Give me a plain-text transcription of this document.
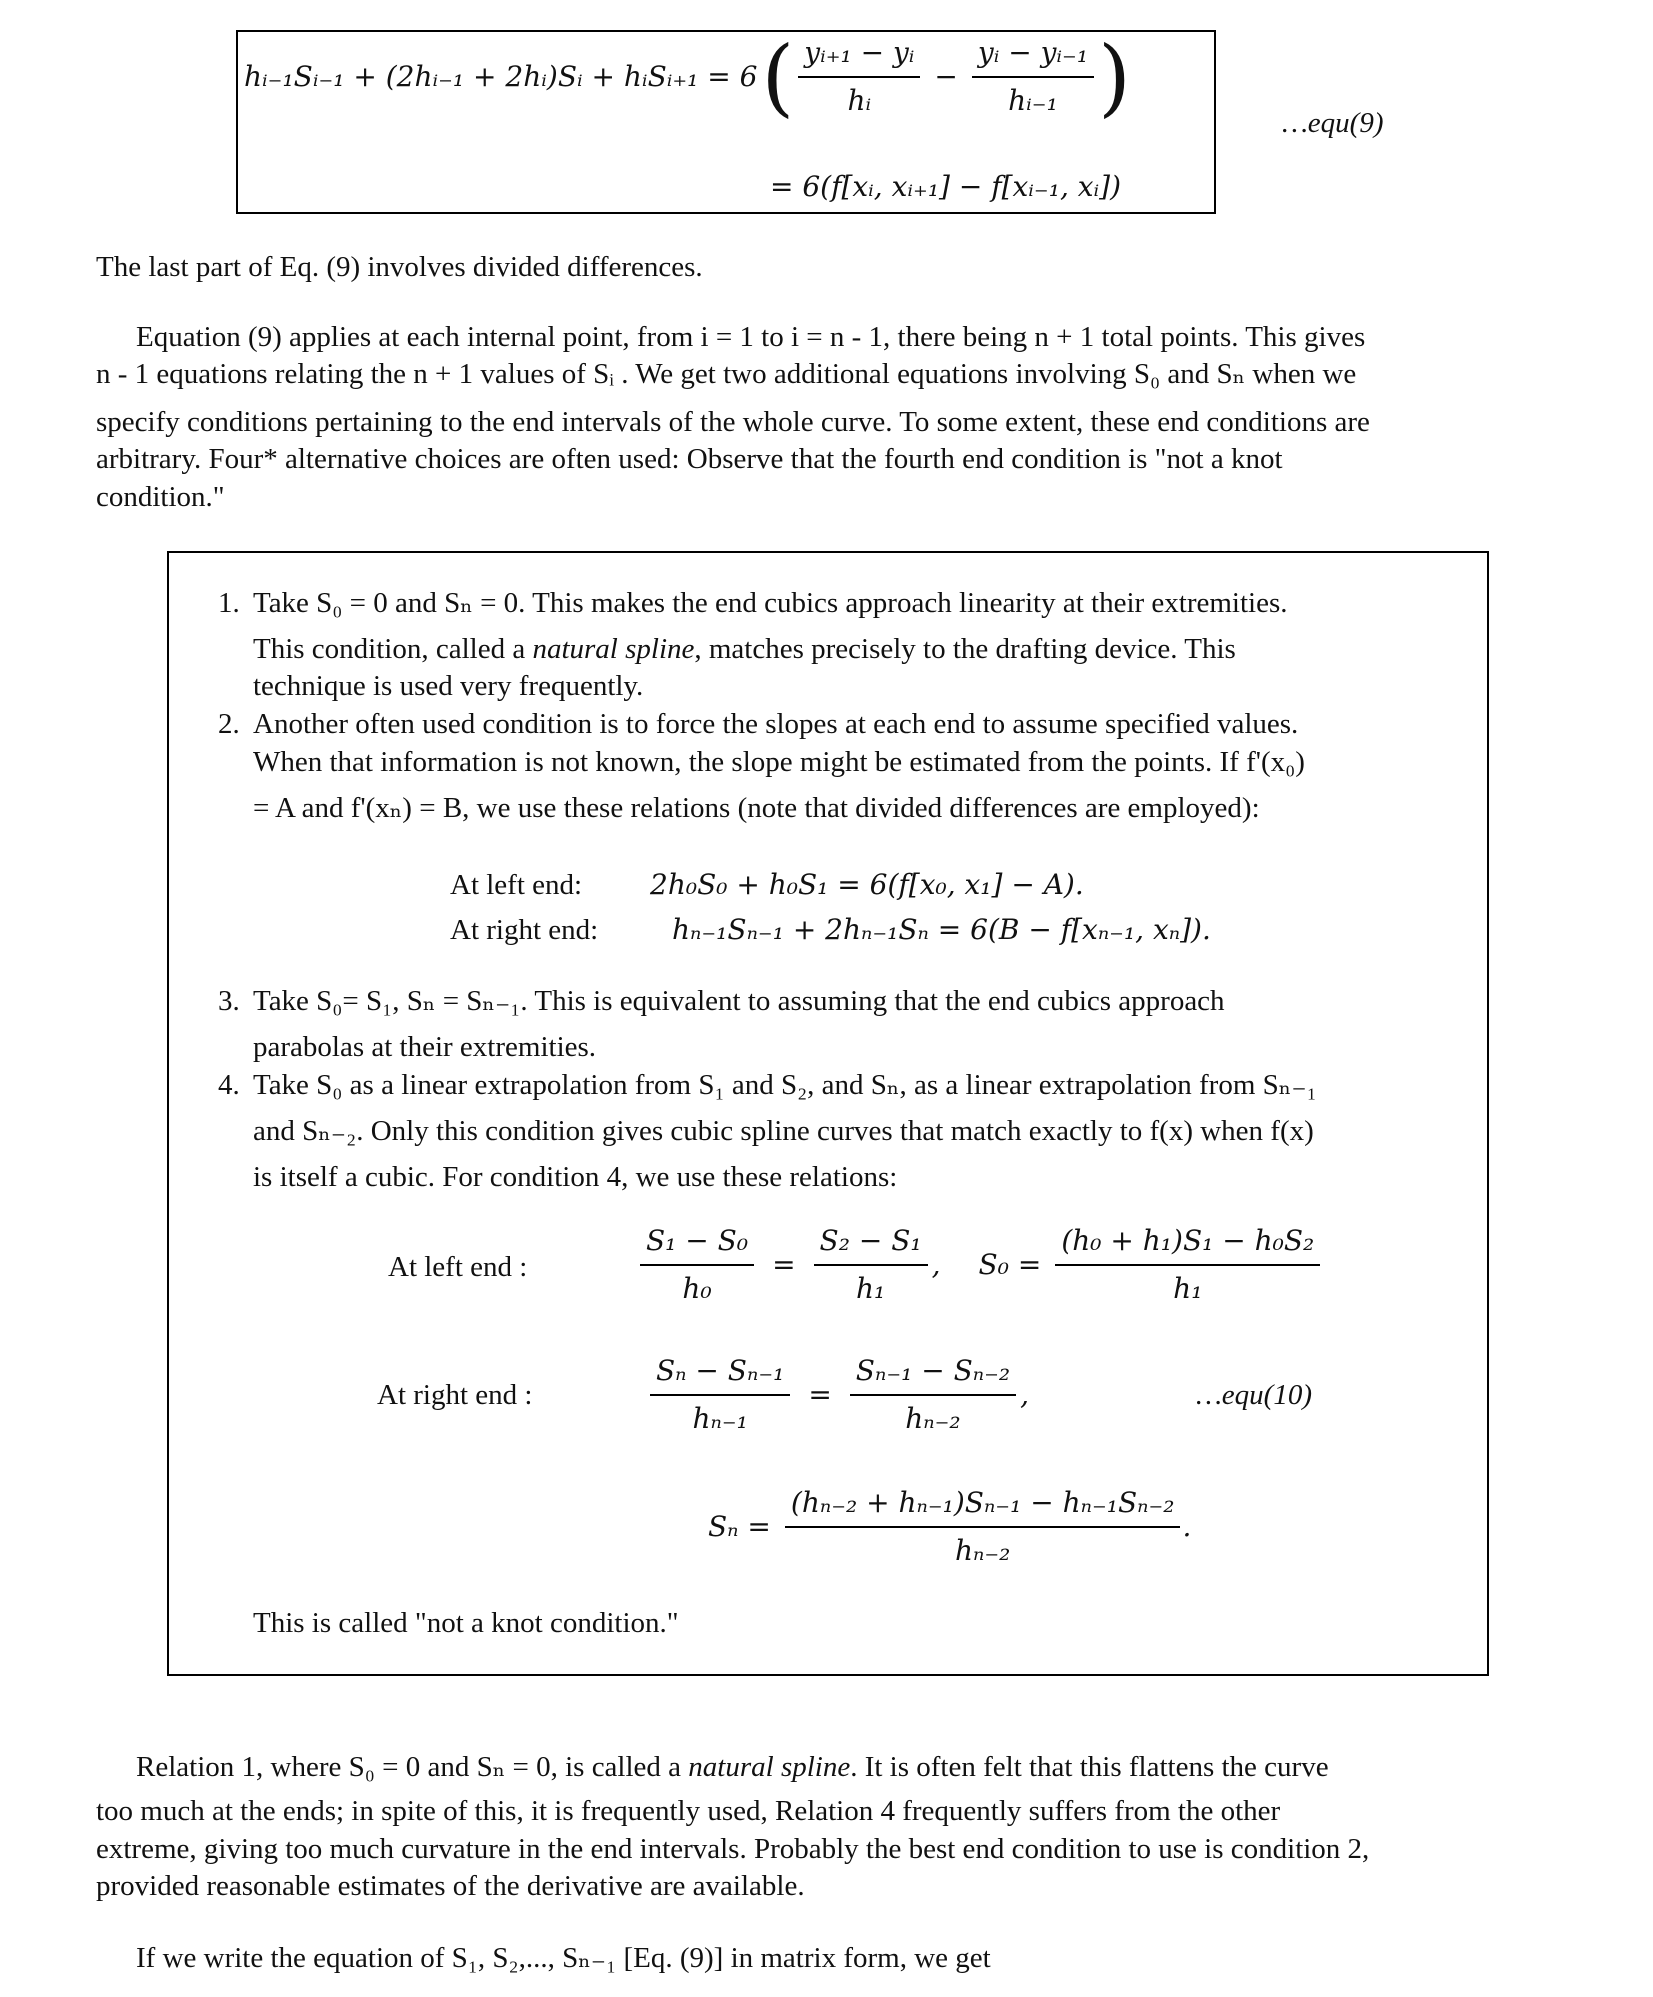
hᵢ₋₁Sᵢ₋₁ + (2hᵢ₋₁ + 2hᵢ)Sᵢ + hᵢSᵢ₊₁ = 6 ( $\frac{\text{yᵢ₊₁ − yᵢ}}{\text{hᵢ}} - \frac{\text{yᵢ − yᵢ₋₁}}{\text{hᵢ₋₁}}$ )
= 6(f[xᵢ, xᵢ₊₁] − f[xᵢ₋₁, xᵢ])
…equ(9)
The last part of Eq. (9) involves divided differences.
Equation (9) applies at each internal point, from i = 1 to i = n - 1, there being n + 1 total points. This gives
n - 1 equations relating the n + 1 values of Sᵢ . We get two additional equations involving S₀ and Sₙ when we
specify conditions pertaining to the end intervals of the whole curve. To some extent, these end conditions are
arbitrary. Four* alternative choices are often used: Observe that the fourth end condition is "not a knot
condition."
1. Take S₀ = 0 and Sₙ = 0. This makes the end cubics approach linearity at their extremities.
This condition, called a natural spline, matches precisely to the drafting device. This
technique is used very frequently.
2. Another often used condition is to force the slopes at each end to assume specified values.
When that information is not known, the slope might be estimated from the points. If f'(x₀)
= A and f'(xₙ) = B, we use these relations (note that divided differences are employed):
At left end: 2h₀S₀ + h₀S₁ = 6(f[x₀, x₁] − A).
At right end:	hₙ₋₁Sₙ₋₁ + 2hₙ₋₁Sₙ = 6(B − f[xₙ₋₁, xₙ]).
3. Take S₀= S₁, Sₙ = Sₙ₋₁. This is equivalent to assuming that the end cubics approach
parabolas at their extremities.
4. Take S₀ as a linear extrapolation from S₁ and S₂, and Sₙ, as a linear extrapolation from Sₙ₋₁
and Sₙ₋₂. Only this condition gives cubic spline curves that match exactly to f(x) when f(x)
is itself a cubic. For condition 4, we use these relations:
At left end :	$\frac{\text{S₁ − S₀}}{\text{h₀}} = \frac{\text{S₂ − S₁}}{\text{h₁}}$ , $S_0 = \frac{\text{(h₀ + h₁)S₁ − h₀S₂}}{\text{h₁}}$
At right end :	$\frac{\text{Sₙ − Sₙ₋₁}}{\text{hₙ₋₁}} = \frac{\text{Sₙ₋₁ − Sₙ₋₂}}{\text{hₙ₋₂}}$ ,	…equ(10)
$S_n = \frac{\text{(hₙ₋₂ + hₙ₋₁)Sₙ₋₁ − hₙ₋₁Sₙ₋₂}}{\text{hₙ₋₂}}$ .
This is called "not a knot condition."
Relation 1, where S₀ = 0 and Sₙ = 0, is called a natural spline. It is often felt that this flattens the curve
too much at the ends; in spite of this, it is frequently used, Relation 4 frequently suffers from the other
extreme, giving too much curvature in the end intervals. Probably the best end condition to use is condition 2,
provided reasonable estimates of the derivative are available.
If we write the equation of S₁, S₂,..., Sₙ₋₁ [Eq. (9)] in matrix form, we get
